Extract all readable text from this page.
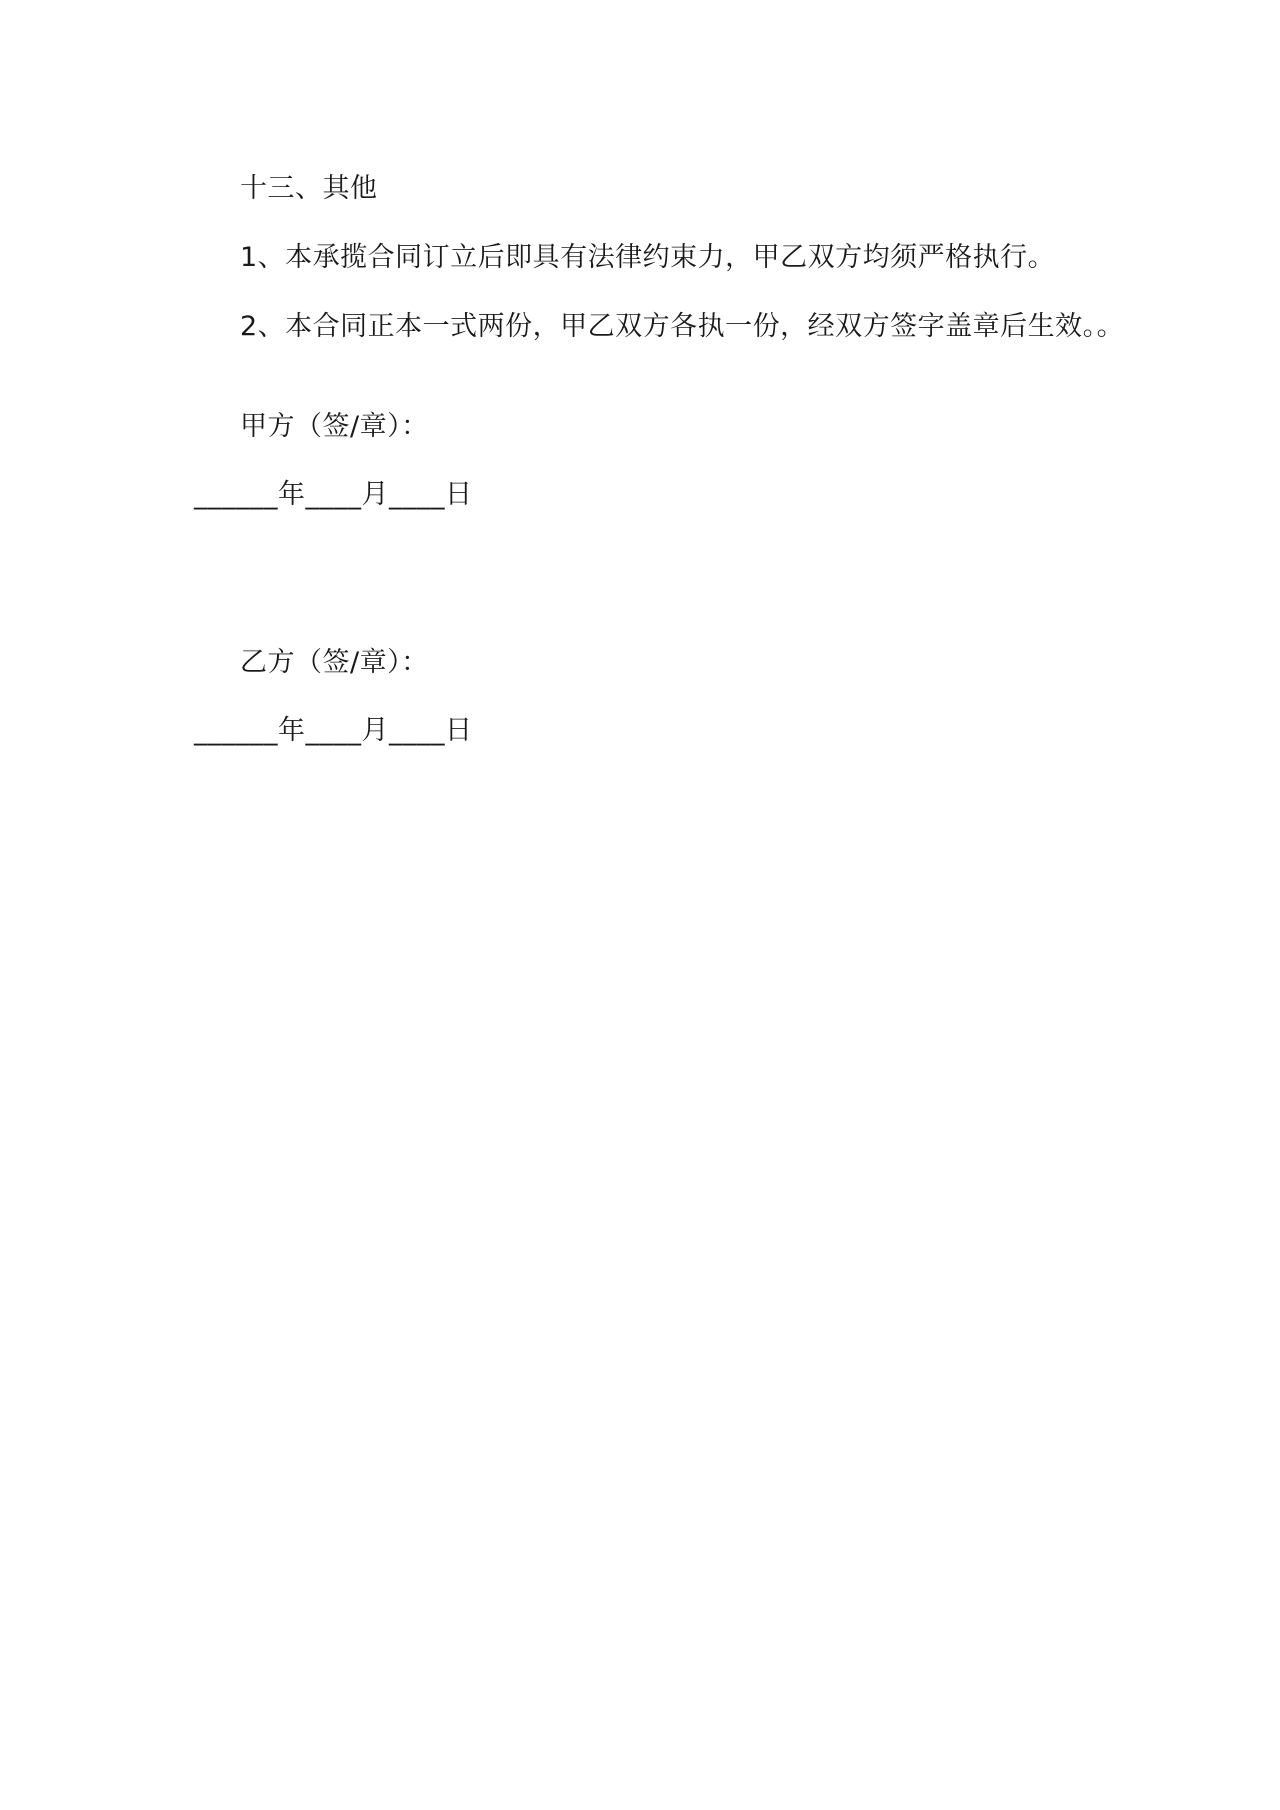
十三、其他
1、本承揽合同订立后即具有法律约束力，甲乙双方均须严格执行。
2、本合同正本一式两份，甲乙双方各执一份，经双方签字盖章后生效。。
甲方（签/章）：
______年____月____日
乙方（签/章）：
______年____月____日
